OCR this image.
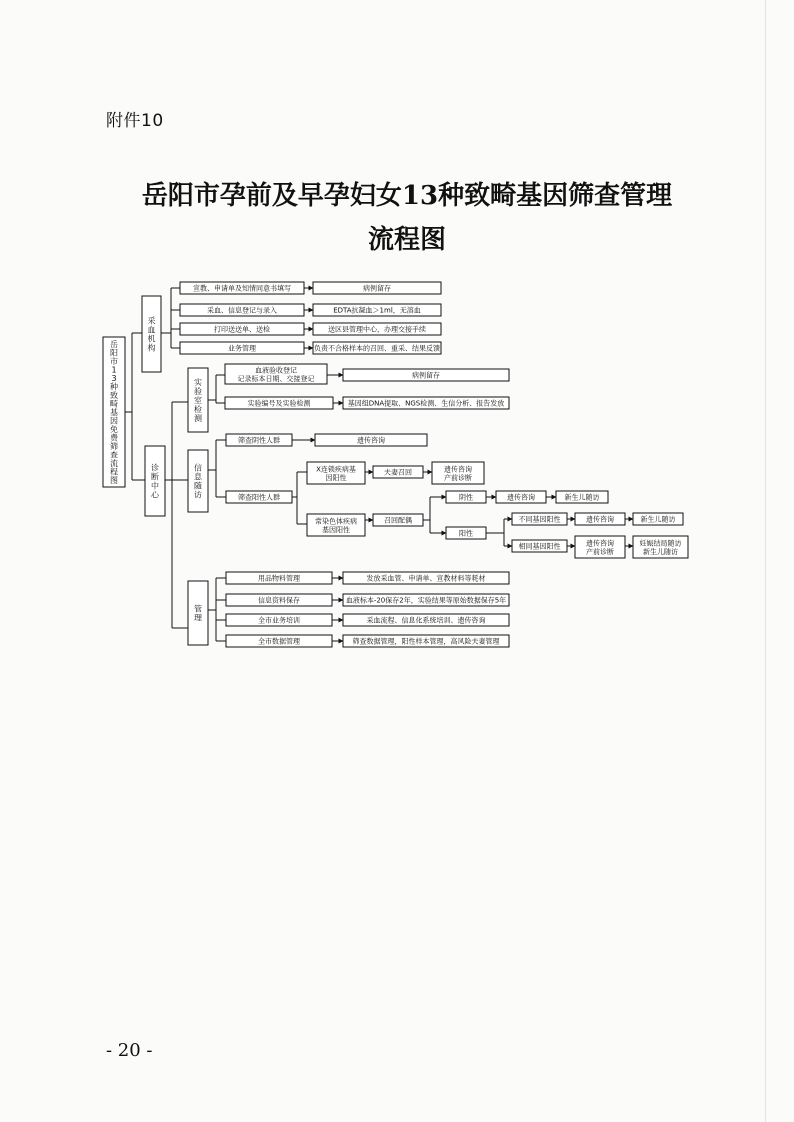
附件10
岳阳市孕前及早孕妇女13种致畸基因筛查管理
流程图
岳阳市 1 3 种致畸基因免费筛查流程图
采血机构
宣教、申请单及知情同意书填写	病例留存
采血、信息登记与录入	EDTA抗凝血＞1ml，无溶血
打印送送单、送检	送区县管理中心，办理交接手续
业务管理	负责不合格样本的召回、重采、结果反馈
诊断中心
实验室检测
血液验收登记记录标本日期、交接登记	病例留存
实验编号及实验检测	基因组DNA提取、NGS检测、生信分析、报告发放
信息随访
筛查阴性人群	遗传咨询
筛查阳性人群
X连锁疾病基因阳性
夫妻召回	遗传咨询产前诊断
常染色体疾病基因阳性
召回配偶
阴性	遗传咨询	新生儿随访
阳性
不同基因阳性	遗传咨询	新生儿随访
相同基因阳性	遗传咨询产前诊断
妊娠结局随访新生儿随访
管理
用品物料管理	发放采血管、申请单、宣教材料等耗材
信息资料保存	血液标本-20保存2年，实验结果等原始数据保存5年
全市业务培训	采血流程、信息化系统培训、遗传咨询
全市数据管理	筛查数据管理，阳性样本管理，高风险夫妻管理
- 20 -
